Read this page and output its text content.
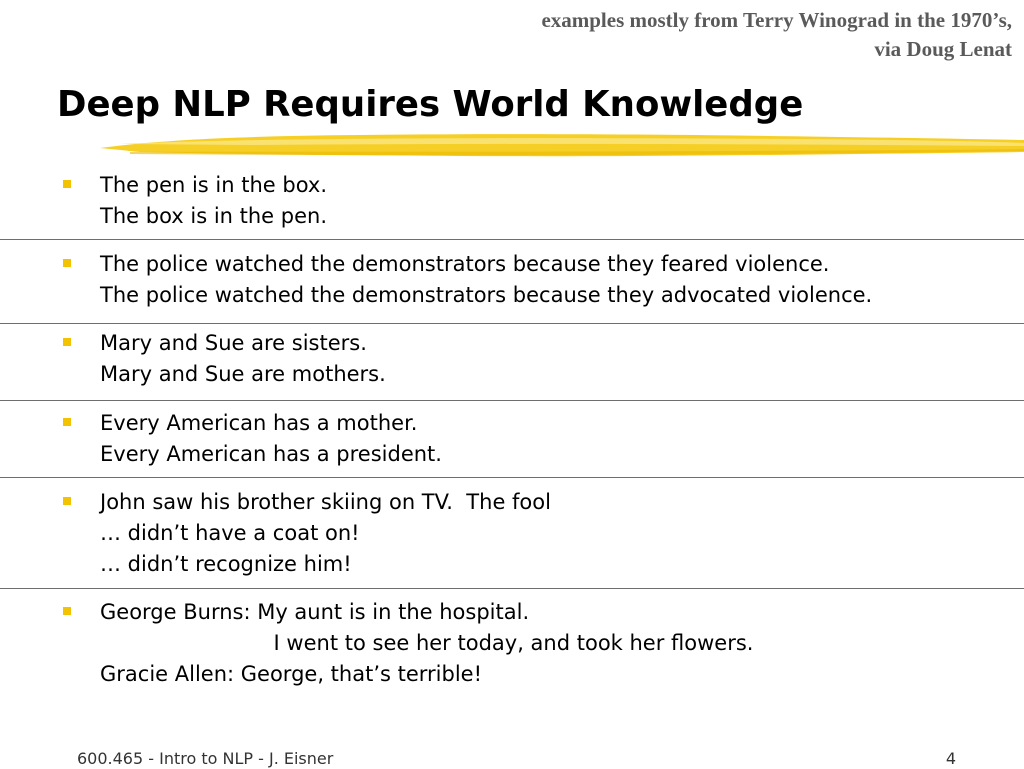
examples mostly from Terry Winograd in the 1970’s,
via Doug Lenat
Deep NLP Requires World Knowledge
The pen is in the box.
The box is in the pen.
The police watched the demonstrators because they feared violence.
The police watched the demonstrators because they advocated violence.
Mary and Sue are sisters.
Mary and Sue are mothers.
Every American has a mother.
Every American has a president.
John saw his brother skiing on TV.  The fool
… didn’t have a coat on!
… didn’t recognize him!
George Burns: My aunt is in the hospital.
I went to see her today, and took her flowers.
Gracie Allen: George, that’s terrible!
600.465 - Intro to NLP - J. Eisner	4
